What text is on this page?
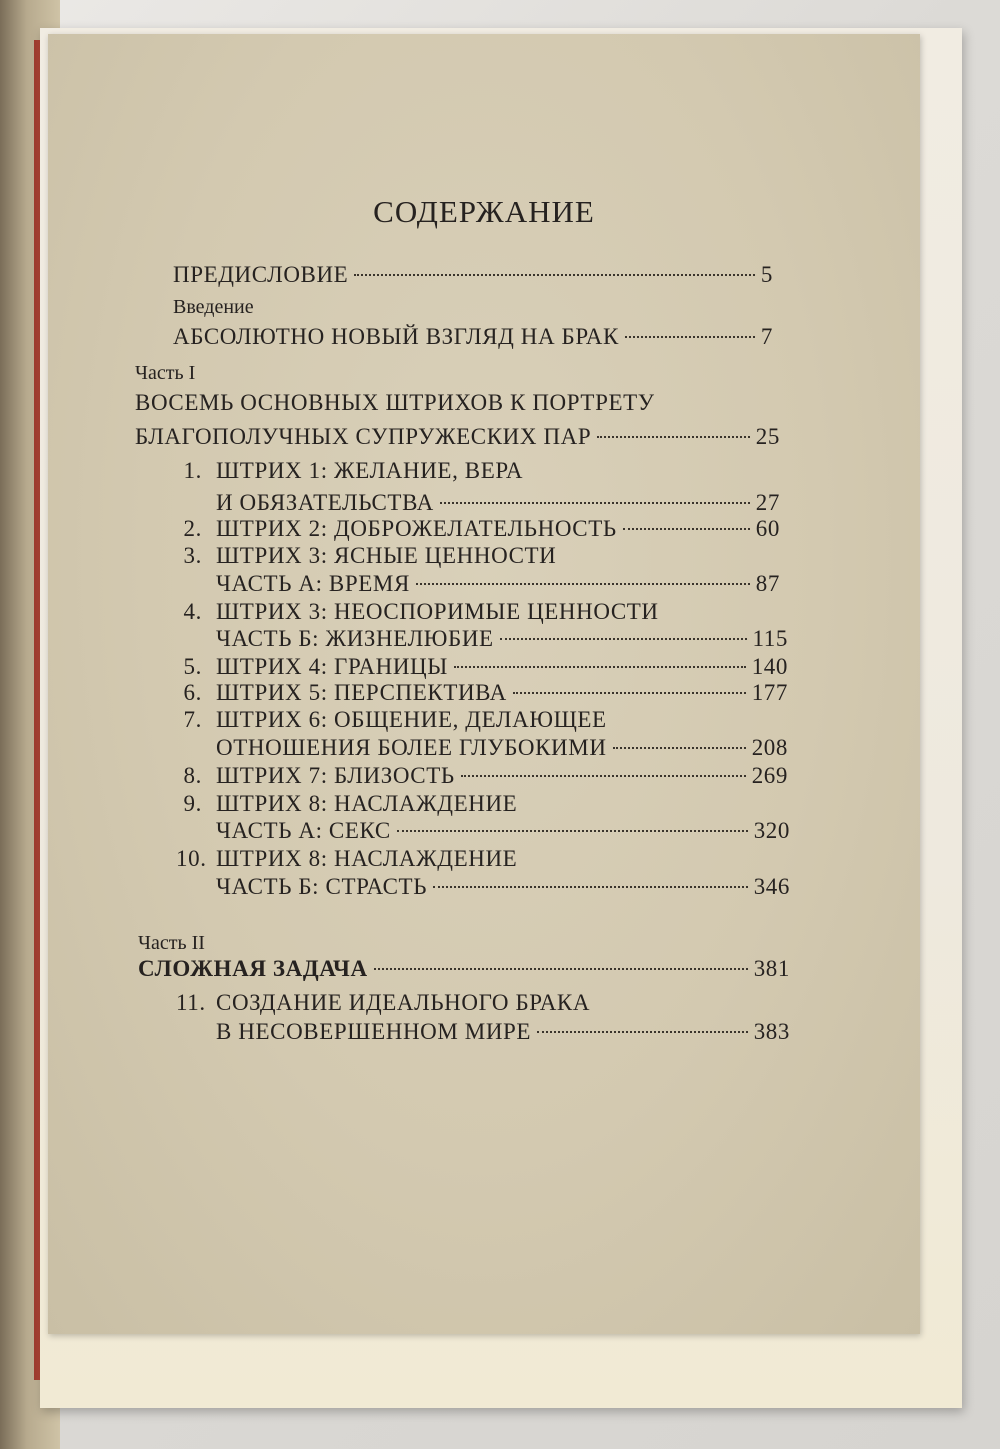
СОДЕРЖАНИЕ
ПРЕДИСЛОВИЕ	5
Введение
АБСОЛЮТНО НОВЫЙ ВЗГЛЯД НА БРАК	7
Часть I
ВОСЕМЬ ОСНОВНЫХ ШТРИХОВ К ПОРТРЕТУ
БЛАГОПОЛУЧНЫХ СУПРУЖЕСКИХ ПАР	25
1. ШТРИХ 1: ЖЕЛАНИЕ, ВЕРА
И ОБЯЗАТЕЛЬСТВА	27
2. ШТРИХ 2: ДОБРОЖЕЛАТЕЛЬНОСТЬ	60
3. ШТРИХ 3: ЯСНЫЕ ЦЕННОСТИ
ЧАСТЬ А: ВРЕМЯ	87
4. ШТРИХ 3: НЕОСПОРИМЫЕ ЦЕННОСТИ
ЧАСТЬ Б: ЖИЗНЕЛЮБИЕ	115
5. ШТРИХ 4: ГРАНИЦЫ	140
6. ШТРИХ 5: ПЕРСПЕКТИВА	177
7. ШТРИХ 6: ОБЩЕНИЕ, ДЕЛАЮЩЕЕ
ОТНОШЕНИЯ БОЛЕЕ ГЛУБОКИМИ	208
8. ШТРИХ 7: БЛИЗОСТЬ	269
9. ШТРИХ 8: НАСЛАЖДЕНИЕ
ЧАСТЬ А: СЕКС	320
10. ШТРИХ 8: НАСЛАЖДЕНИЕ
ЧАСТЬ Б: СТРАСТЬ	346
Часть II
СЛОЖНАЯ ЗАДАЧА	381
11. СОЗДАНИЕ ИДЕАЛЬНОГО БРАКА
В НЕСОВЕРШЕННОМ МИРЕ	383
